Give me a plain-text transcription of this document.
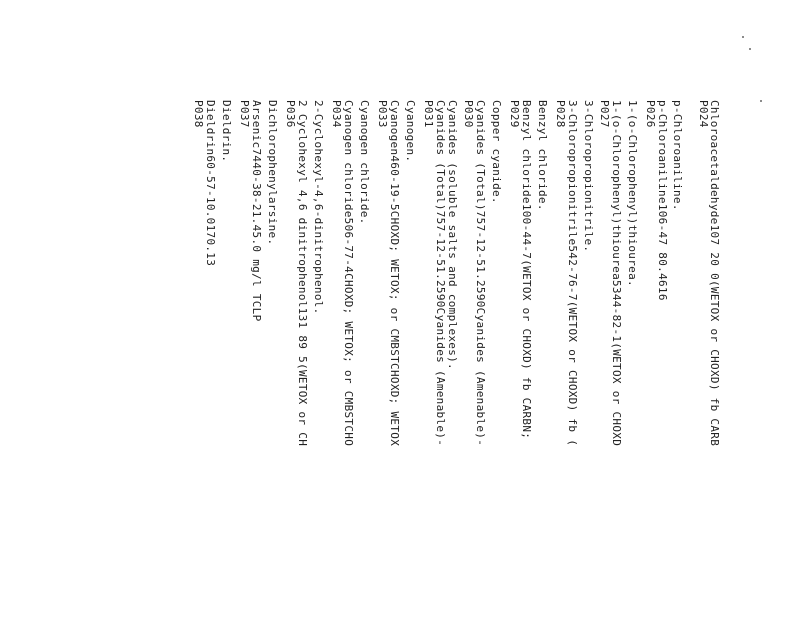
Chloroacetaldehyde107 20 0(WETOX or CHOXD) fb CARB
P024
p-Chloroaniline.
p-Chloroaniline106-47 80.4616
P026
1-(o-Chlorophenyl)thiourea.
1-(o-Chlorophenyl)thiourea5344-82-1(WETOX or CHOXD
P027
3-Chloropropionitrile.
3-Chloropropionitrile542-76-7(WETOX or CHOXD) fb (
P028
Benzyl chloride.
Benzyl chloride100-44-7(WETOX or CHOXD) fb CARBN;
P029
Copper cyanide.
Cyanides (Total)757-12-51.2590Cyanides (Amenable)-
P030
Cyanides (soluble salts and complexes).
Cyanides (Total)757-12-51.2590Cyanides (Amenable)-
P031
Cyanogen.
Cyanogen460-19-5CHOXD; WETOX; or CMBSTCHOXD; WETOX
P033
Cyanogen chloride.
Cyanogen chloride506-77-4CHOXD; WETOX; or CMBSTCHO
P034
2-Cyclohexyl-4,6-dinitrophenol.
2 Cyclohexyl 4,6 dinitrophenol131 89 5(WETOX or CH
P036
Dichlorophenylarsine.
Arsenic7440-38-21.45.0 mg/l TCLP
P037
Dieldrin.
Dieldrin60-57-10.0170.13
P038
